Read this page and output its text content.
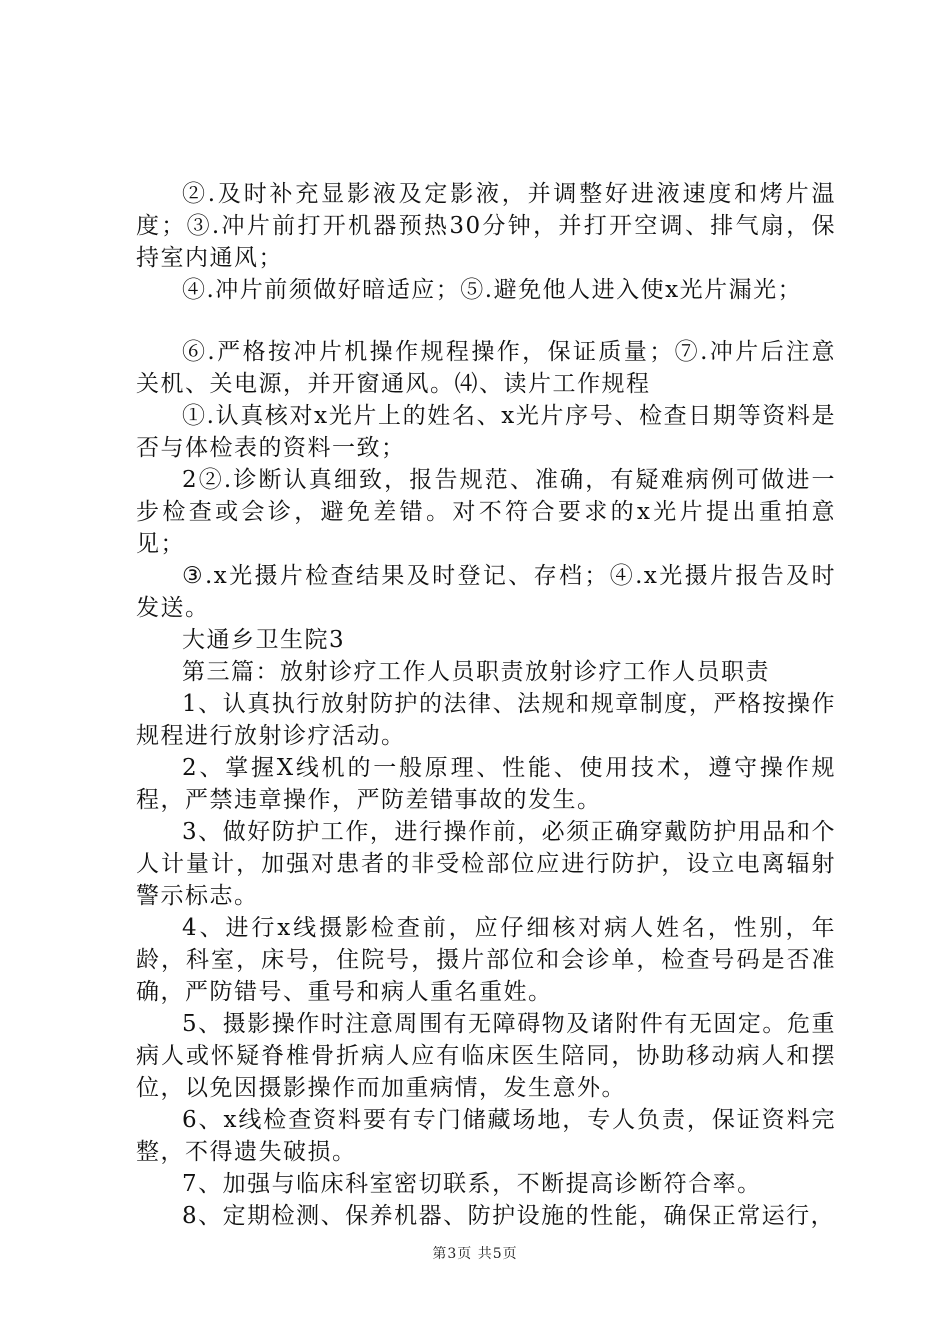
②.及时补充显影液及定影液，并调整好进液速度和烤片温度；③.冲片前打开机器预热30分钟，并打开空调、排气扇，保持室内通风；

④.冲片前须做好暗适应；⑤.避免他人进入使x光片漏光；

⑥.严格按冲片机操作规程操作，保证质量；⑦.冲片后注意关机、关电源，并开窗通风。⑷、读片工作规程

①.认真核对x光片上的姓名、x光片序号、检查日期等资料是否与体检表的资料一致；

2②.诊断认真细致，报告规范、准确，有疑难病例可做进一步检查或会诊，避免差错。对不符合要求的x光片提出重拍意见；

③.x光摄片检查结果及时登记、存档；④.x光摄片报告及时发送。

大通乡卫生院3

第三篇：放射诊疗工作人员职责放射诊疗工作人员职责

1、认真执行放射防护的法律、法规和规章制度，严格按操作规程进行放射诊疗活动。

2、掌握X线机的一般原理、性能、使用技术，遵守操作规程，严禁违章操作，严防差错事故的发生。

3、做好防护工作，进行操作前，必须正确穿戴防护用品和个人计量计，加强对患者的非受检部位应进行防护，设立电离辐射警示标志。

4、进行x线摄影检查前，应仔细核对病人姓名，性别，年龄，科室，床号，住院号，摄片部位和会诊单，检查号码是否准确，严防错号、重号和病人重名重姓。

5、摄影操作时注意周围有无障碍物及诸附件有无固定。危重病人或怀疑脊椎骨折病人应有临床医生陪同，协助移动病人和摆位，以免因摄影操作而加重病情，发生意外。

6、x线检查资料要有专门储藏场地，专人负责，保证资料完整，不得遗失破损。

7、加强与临床科室密切联系，不断提高诊断符合率。

8、定期检测、保养机器、防护设施的性能，确保正常运行，

第3页 共5页
